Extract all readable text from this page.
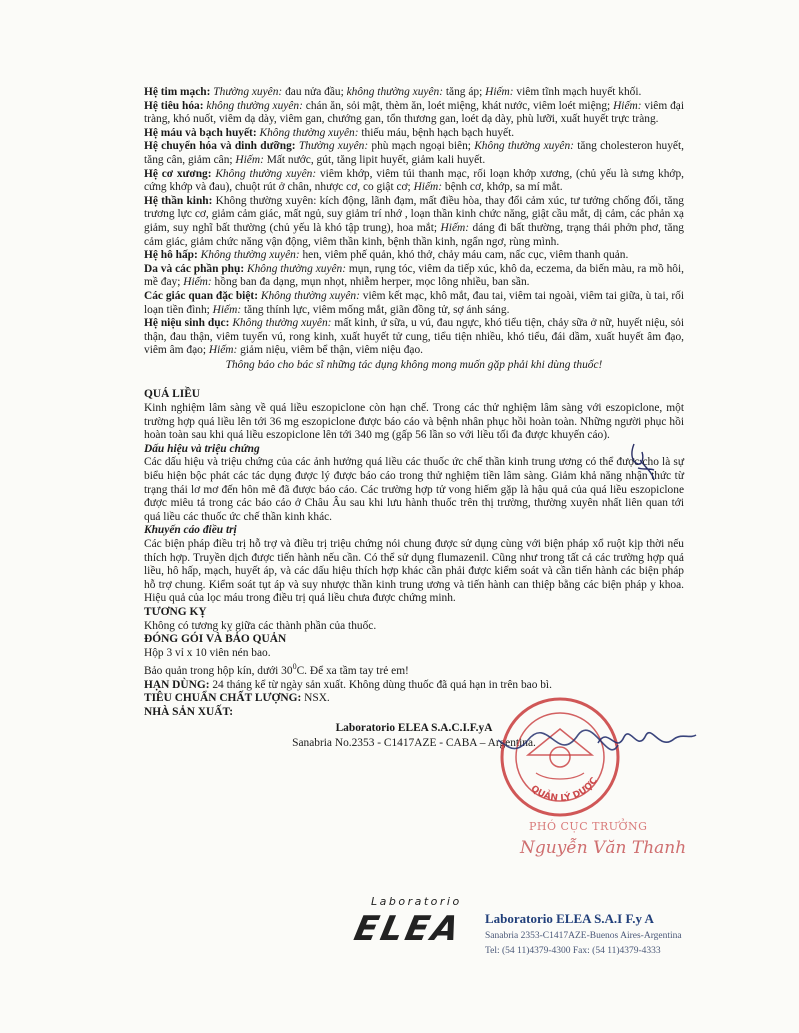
Hệ tim mạch: Thường xuyên: đau nửa đầu; không thường xuyên: tăng áp; Hiếm: viêm tĩnh mạch huyết khối.

Hệ tiêu hóa: không thường xuyên: chán ăn, sỏi mật, thèm ăn, loét miệng, khát nước, viêm loét miệng; Hiếm: viêm đại tràng, khó nuốt, viêm dạ dày, viêm gan, chướng gan, tổn thương gan, loét dạ dày, phù lưỡi, xuất huyết trực tràng.

Hệ máu và bạch huyết: Không thường xuyên: thiếu máu, bệnh hạch bạch huyết.

Hệ chuyển hóa và dinh dưỡng: Thường xuyên: phù mạch ngoại biên; Không thường xuyên: tăng cholesteron huyết, tăng cân, giảm cân; Hiếm: Mất nước, gút, tăng lipit huyết, giảm kali huyết.

Hệ cơ xương: Không thường xuyên: viêm khớp, viêm túi thanh mạc, rối loạn khớp xương, (chủ yếu là sưng khớp, cứng khớp và đau), chuột rút ở chân, nhược cơ, co giật cơ; Hiếm: bệnh cơ, khớp, sa mí mắt.

Hệ thần kinh: Không thường xuyên: kích động, lãnh đạm, mất điều hòa, thay đổi cảm xúc, tư tưởng chống đối, tăng trương lực cơ, giảm cảm giác, mất ngủ, suy giảm trí nhớ , loạn thần kinh chức năng, giật cầu mắt, dị cảm, các phản xạ giảm, suy nghĩ bất thường (chủ yếu là khó tập trung), hoa mắt; Hiếm: dáng đi bất thường, trạng thái phởn phơ, tăng cảm giác, giảm chức năng vận động, viêm thần kinh, bệnh thần kinh, ngẩn ngơ, rùng mình.

Hệ hô hấp: Không thường xuyên: hen, viêm phế quản, khó thở, chảy máu cam, nấc cục, viêm thanh quản.

Da và các phần phụ: Không thường xuyên: mụn, rụng tóc, viêm da tiếp xúc, khô da, eczema, da biến màu, ra mồ hôi, mề đay; Hiếm: hồng ban đa dạng, mụn nhọt, nhiễm herper, mọc lông nhiều, ban sần.

Các giác quan đặc biệt: Không thường xuyên: viêm kết mạc, khô mắt, đau tai, viêm tai ngoài, viêm tai giữa, ù tai, rối loạn tiền đình; Hiếm: tăng thính lực, viêm mống mắt, giãn đồng tử, sợ ánh sáng.

Hệ niệu sinh dục: Không thường xuyên: mất kinh, ứ sữa, u vú, đau ngực, khó tiểu tiện, chảy sữa ở nữ, huyết niệu, sỏi thận, đau thận, viêm tuyến vú, rong kinh, xuất huyết tử cung, tiểu tiện nhiều, khó tiểu, đái dầm, xuất huyết âm đạo, viêm âm đạo; Hiếm: giảm niệu, viêm bể thận, viêm niệu đạo.

Thông báo cho bác sĩ những tác dụng không mong muốn gặp phải khi dùng thuốc!

QUÁ LIỀU

Kinh nghiệm lâm sàng về quá liều eszopiclone còn hạn chế. Trong các thử nghiệm lâm sàng với eszopiclone, một trường hợp quá liều lên tới 36 mg eszopiclone được báo cáo và bệnh nhân phục hồi hoàn toàn. Những người phục hồi hoàn toàn sau khi quá liều eszopiclone lên tới 340 mg (gấp 56 lần so với liều tối đa được khuyến cáo).

Dấu hiệu và triệu chứng

Các dấu hiệu và triệu chứng của các ảnh hưởng quá liều các thuốc ức chế thần kinh trung ương có thể được cho là sự biểu hiện bộc phát các tác dụng được lý được báo cáo trong thử nghiệm tiền lâm sàng. Giảm khả năng nhận thức từ trạng thái lơ mơ đến hôn mê đã được báo cáo. Các trường hợp tử vong hiếm gặp là hậu quả của quá liều eszopiclone được miêu tả trong các báo cáo ở Châu Âu sau khi lưu hành thuốc trên thị trường, thường xuyên nhất liên quan tới quá liều các thuốc ức chế thần kinh khác.

Khuyến cáo điều trị

Các biện pháp điều trị hỗ trợ và điều trị triệu chứng nói chung được sử dụng cùng với biện pháp xổ ruột kịp thời nếu thích hợp. Truyền dịch được tiến hành nếu cần. Có thể sử dụng flumazenil. Cũng như trong tất cả các trường hợp quá liều, hô hấp, mạch, huyết áp, và các dấu hiệu thích hợp khác cần phải được kiểm soát và cần tiến hành các biện pháp hỗ trợ chung. Kiểm soát tụt áp và suy nhược thần kinh trung ương và tiến hành can thiệp bằng các biện pháp y khoa. Hiệu quả của lọc máu trong điều trị quá liều chưa được chứng minh.

TƯƠNG KỴ

Không có tương kỵ giữa các thành phần của thuốc.

ĐÓNG GÓI VÀ BẢO QUẢN

Hộp 3 vỉ x 10 viên nén bao.

Bảo quản trong hộp kín, dưới $30^0C$. Để xa tầm tay trẻ em!

HẠN DÙNG: 24 tháng kể từ ngày sản xuất. Không dùng thuốc đã quá hạn in trên bao bì.

TIÊU CHUẨN CHẤT LƯỢNG: NSX.

NHÀ SẢN XUẤT:

Laboratorio ELEA S.A.C.I.F.yA

Sanabria No.2353 - C1417AZE - CABA – Argentina.

QUẢN LÝ DƯỢC
PHÓ CỤC TRƯỞNG
Nguyễn Văn Thanh
Laboratorio
ELEA Laboratorio ELEA S.A.I F.y A
Sanabria 2353-C1417AZE-Buenos Aires-Argentina
Tel: (54 11)4379-4300 Fax: (54 11)4379-4333
